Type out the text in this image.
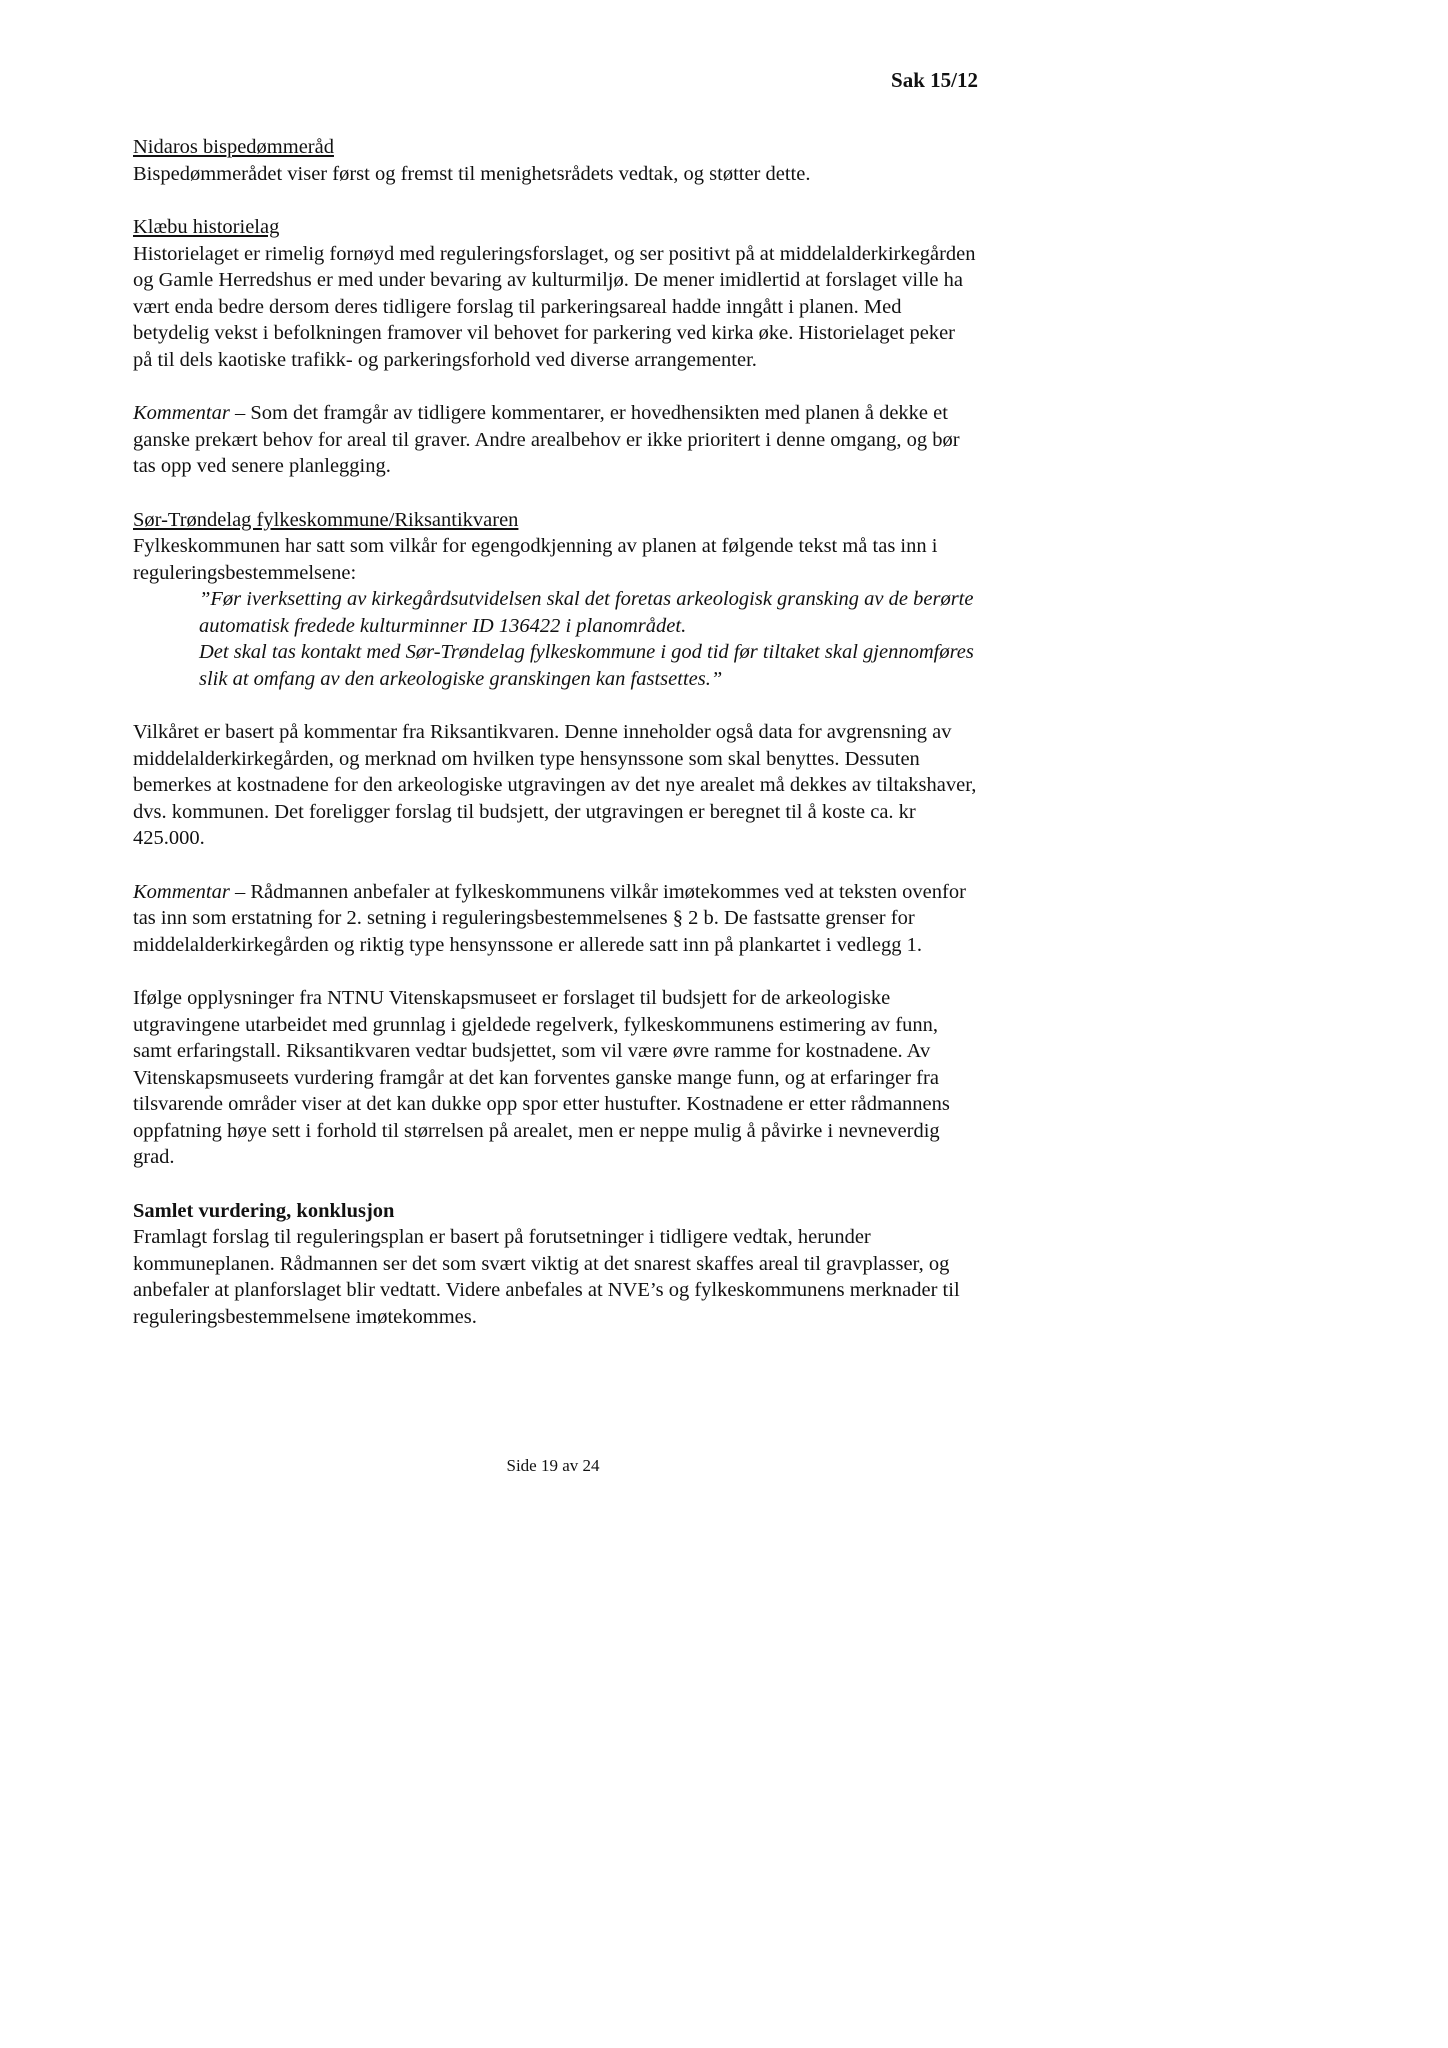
Sak 15/12
Nidaros bispedømmeråd

Bispedømmerådet viser først og fremst til menighetsrådets vedtak, og støtter dette.

Klæbu historielag

Historielaget er rimelig fornøyd med reguleringsforslaget, og ser positivt på at middelalderkirkegården og Gamle Herredshus er med under bevaring av kulturmiljø. De mener imidlertid at forslaget ville ha vært enda bedre dersom deres tidligere forslag til parkeringsareal hadde inngått i planen. Med betydelig vekst i befolkningen framover vil behovet for parkering ved kirka øke. Historielaget peker på til dels kaotiske trafikk- og parkeringsforhold ved diverse arrangementer.

Kommentar – Som det framgår av tidligere kommentarer, er hovedhensikten med planen å dekke et ganske prekært behov for areal til graver. Andre arealbehov er ikke prioritert i denne omgang, og bør tas opp ved senere planlegging.

Sør-Trøndelag fylkeskommune/Riksantikvaren

Fylkeskommunen har satt som vilkår for egengodkjenning av planen at følgende tekst må tas inn i reguleringsbestemmelsene:

”Før iverksetting av kirkegårdsutvidelsen skal det foretas arkeologisk gransking av de berørte automatisk fredede kulturminner ID 136422 i planområdet.
Det skal tas kontakt med Sør-Trøndelag fylkeskommune i god tid før tiltaket skal gjennomføres slik at omfang av den arkeologiske granskingen kan fastsettes.”

Vilkåret er basert på kommentar fra Riksantikvaren. Denne inneholder også data for avgrensning av middelalderkirkegården, og merknad om hvilken type hensynssone som skal benyttes. Dessuten bemerkes at kostnadene for den arkeologiske utgravingen av det nye arealet må dekkes av tiltakshaver, dvs. kommunen. Det foreligger forslag til budsjett, der utgravingen er beregnet til å koste ca. kr 425.000.

Kommentar – Rådmannen anbefaler at fylkeskommunens vilkår imøtekommes ved at teksten ovenfor tas inn som erstatning for 2. setning i reguleringsbestemmelsenes § 2 b. De fastsatte grenser for middelalderkirkegården og riktig type hensynssone er allerede satt inn på plankartet i vedlegg 1.

Ifølge opplysninger fra NTNU Vitenskapsmuseet er forslaget til budsjett for de arkeologiske utgravingene utarbeidet med grunnlag i gjeldede regelverk, fylkeskommunens estimering av funn, samt erfaringstall. Riksantikvaren vedtar budsjettet, som vil være øvre ramme for kostnadene. Av Vitenskapsmuseets vurdering framgår at det kan forventes ganske mange funn, og at erfaringer fra tilsvarende områder viser at det kan dukke opp spor etter hustufter. Kostnadene er etter rådmannens oppfatning høye sett i forhold til størrelsen på arealet, men er neppe mulig å påvirke i nevneverdig grad.

Samlet vurdering, konklusjon

Framlagt forslag til reguleringsplan er basert på forutsetninger i tidligere vedtak, herunder kommuneplanen. Rådmannen ser det som svært viktig at det snarest skaffes areal til gravplasser, og anbefaler at planforslaget blir vedtatt. Videre anbefales at NVE’s og fylkeskommunens merknader til reguleringsbestemmelsene imøtekommes.

Side 19 av 24
